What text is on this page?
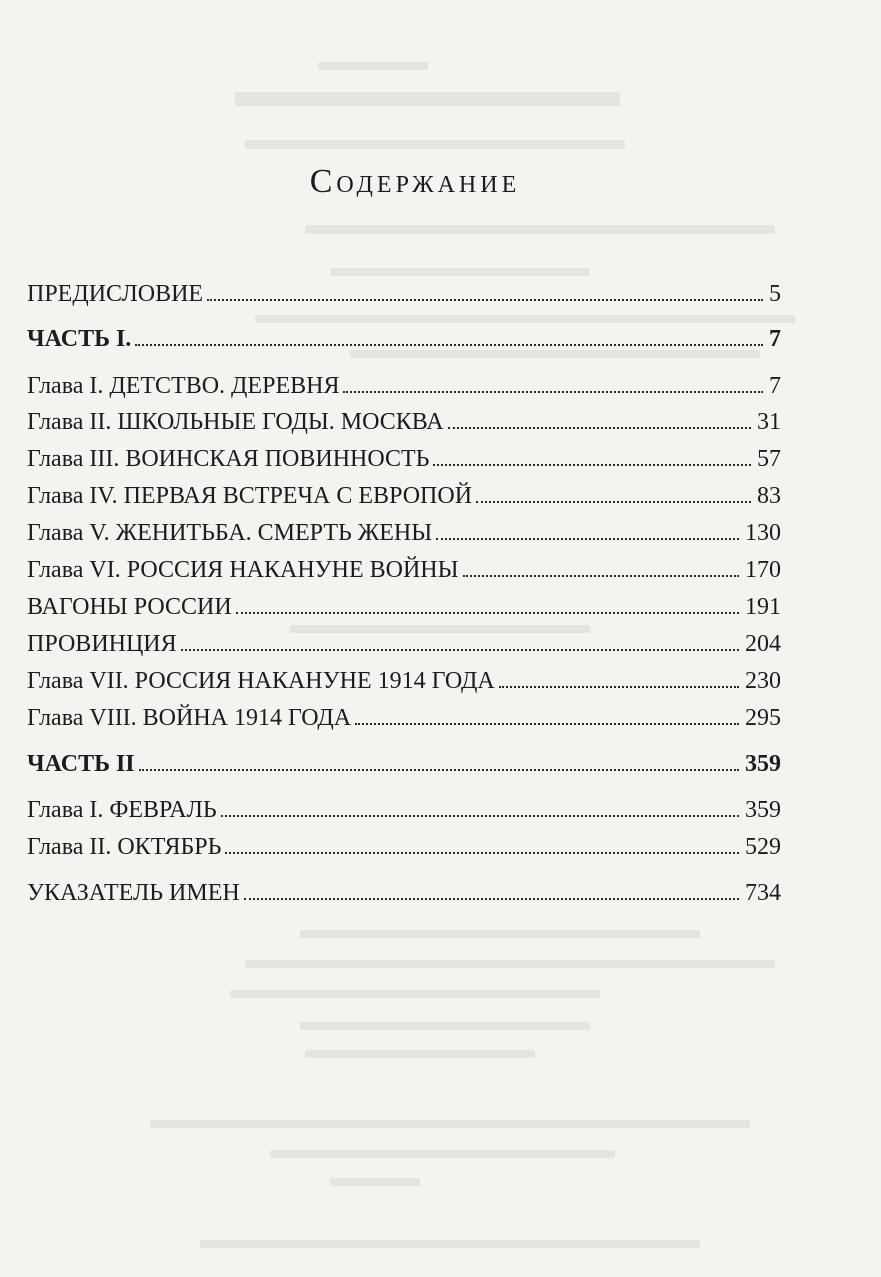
Содержание
ПРЕДИСЛОВИЕ	5
ЧАСТЬ I.	7
Глава I. ДЕТСТВО. ДЕРЕВНЯ	7
Глава II. ШКОЛЬНЫЕ ГОДЫ. МОСКВА	31
Глава III. ВОИНСКАЯ ПОВИННОСТЬ	57
Глава IV. ПЕРВАЯ ВСТРЕЧА С ЕВРОПОЙ	83
Глава V. ЖЕНИТЬБА. СМЕРТЬ ЖЕНЫ	130
Глава VI. РОССИЯ НАКАНУНЕ ВОЙНЫ	170
ВАГОНЫ РОССИИ	191
ПРОВИНЦИЯ	204
Глава VII. РОССИЯ НАКАНУНЕ 1914 ГОДА	230
Глава VIII. ВОЙНА 1914 ГОДА	295
ЧАСТЬ II	359
Глава I. ФЕВРАЛЬ	359
Глава II. ОКТЯБРЬ	529
УКАЗАТЕЛЬ ИМЕН	734
